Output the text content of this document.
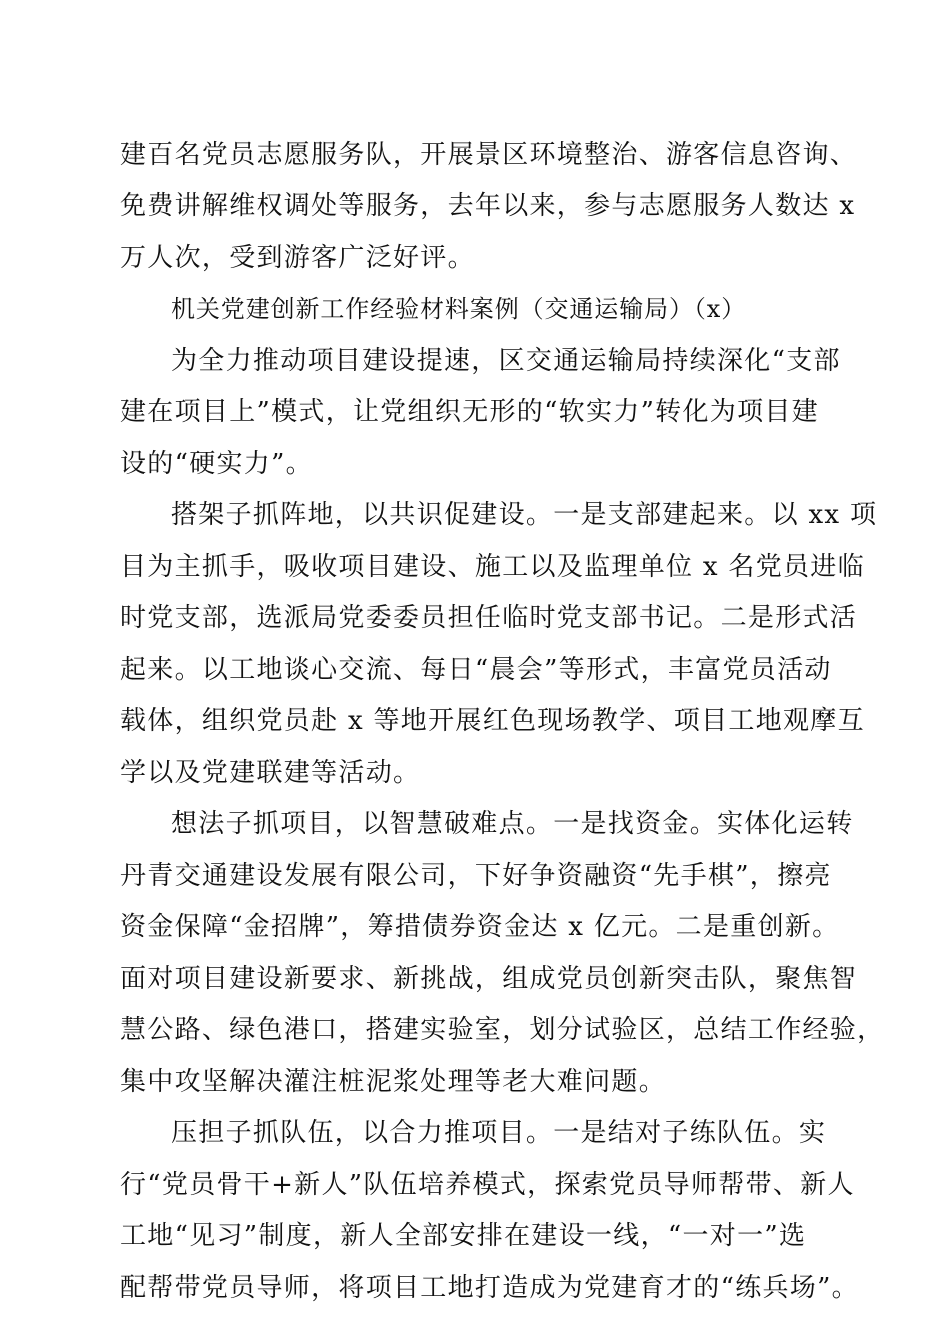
建百名党员志愿服务队，开展景区环境整治、游客信息咨询、
免费讲解维权调处等服务，去年以来，参与志愿服务人数达 x
万人次，受到游客广泛好评。
机关党建创新工作经验材料案例（交通运输局）（x）
为全力推动项目建设提速，区交通运输局持续深化“支部
建在项目上”模式，让党组织无形的“软实力”转化为项目建
设的“硬实力”。
搭架子抓阵地，以共识促建设。一是支部建起来。以 xx 项
目为主抓手，吸收项目建设、施工以及监理单位 x 名党员进临
时党支部，选派局党委委员担任临时党支部书记。二是形式活
起来。以工地谈心交流、每日“晨会”等形式，丰富党员活动
载体，组织党员赴 x 等地开展红色现场教学、项目工地观摩互
学以及党建联建等活动。
想法子抓项目，以智慧破难点。一是找资金。实体化运转
丹青交通建设发展有限公司，下好争资融资“先手棋”，擦亮
资金保障“金招牌”，筹措债券资金达 x 亿元。二是重创新。
面对项目建设新要求、新挑战，组成党员创新突击队，聚焦智
慧公路、绿色港口，搭建实验室，划分试验区，总结工作经验，
集中攻坚解决灌注桩泥浆处理等老大难问题。
压担子抓队伍，以合力推项目。一是结对子练队伍。实
行“党员骨干+新人”队伍培养模式，探索党员导师帮带、新人
工地“见习”制度，新人全部安排在建设一线，“一对一”选
配帮带党员导师，将项目工地打造成为党建育才的“练兵场”。
